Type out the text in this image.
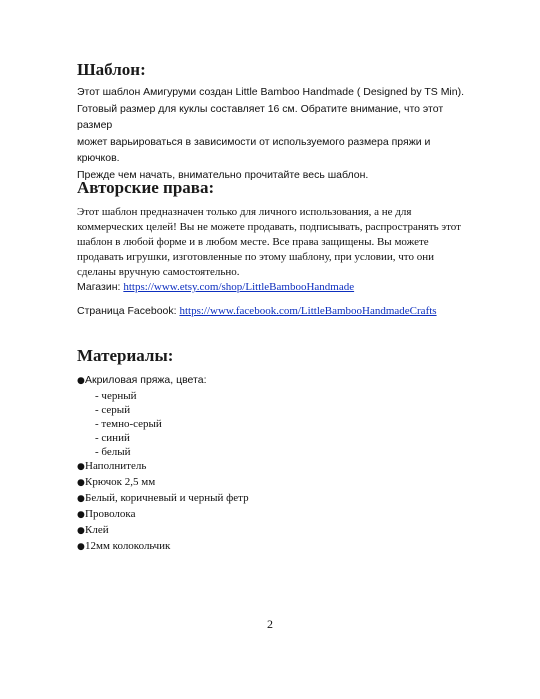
Шаблон:

Этот шаблон Амигуруми создан Little Bamboo Handmade ( Designed by TS Min).

Готовый размер для куклы составляет 16 см. Обратите внимание, что этот размер

может варьироваться в зависимости от используемого размера пряжи и крючков.

Прежде чем начать, внимательно прочитайте весь шаблон.

Авторские права:

Этот шаблон предназначен только для личного использования, а не для

коммерческих целей! Вы не можете продавать, подписывать, распространять этот

шаблон в любой форме и в любом месте. Все права защищены. Вы можете

продавать игрушки, изготовленные по этому шаблону, при условии, что они

сделаны вручную самостоятельно.

Магазин: https://www.etsy.com/shop/LittleBambooHandmade

Страница Facebook: https://www.facebook.com/LittleBambooHandmadeCrafts

Материалы:
● Акриловая пряжа, цвета:
- черный
- серый
- темно-серый
- синий
- белый
● Наполнитель
● Крючок 2,5 мм
● Белый, коричневый и черный фетр
● Проволока
● Клей
● 12мм колокольчик
2
